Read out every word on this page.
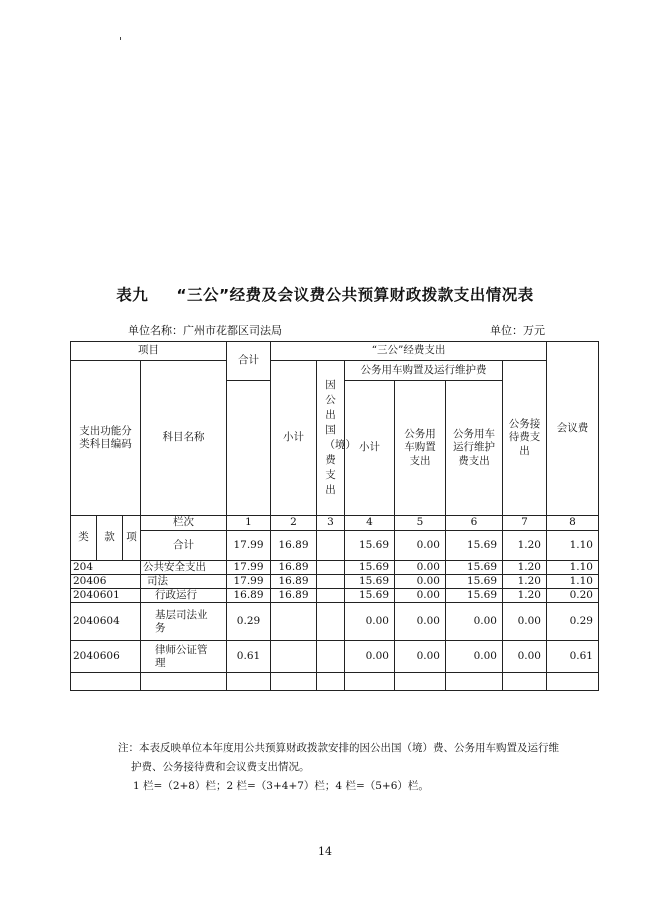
表九 “三公”经费及会议费公共预算财政拨款支出情况表
单位名称：广州市花都区司法局	单位：万元
项目				合计	“三公”经费支出						会议费
支出功能分类科目编码			科目名称		小计	因公出国（境）费支出	公务用车购置及运行维护费			公务接待费支出	
							小计	公务用车购置支出	公务用车运行维护费支出		
类	款	项	栏次	1	2	3	4	5	6	7	8
			合计	17.99	16.89		15.69	0.00	15.69	1.20	1.10
204			公共安全支出	17.99	16.89		15.69	0.00	15.69	1.20	1.10
20406			司法	17.99	16.89		15.69	0.00	15.69	1.20	1.10
2040601			行政运行	16.89	16.89		15.69	0.00	15.69	1.20	0.20
2040604			基层司法业务	0.29			0.00	0.00	0.00	0.00	0.29
2040606			律师公证管理	0.61			0.00	0.00	0.00	0.00	0.61

注：本表反映单位本年度用公共预算财政拨款安排的因公出国（境）费、公务用车购置及运行维
护费、公务接待费和会议费支出情况。
1 栏=（2+8）栏；2 栏=（3+4+7）栏；4 栏=（5+6）栏。
14
